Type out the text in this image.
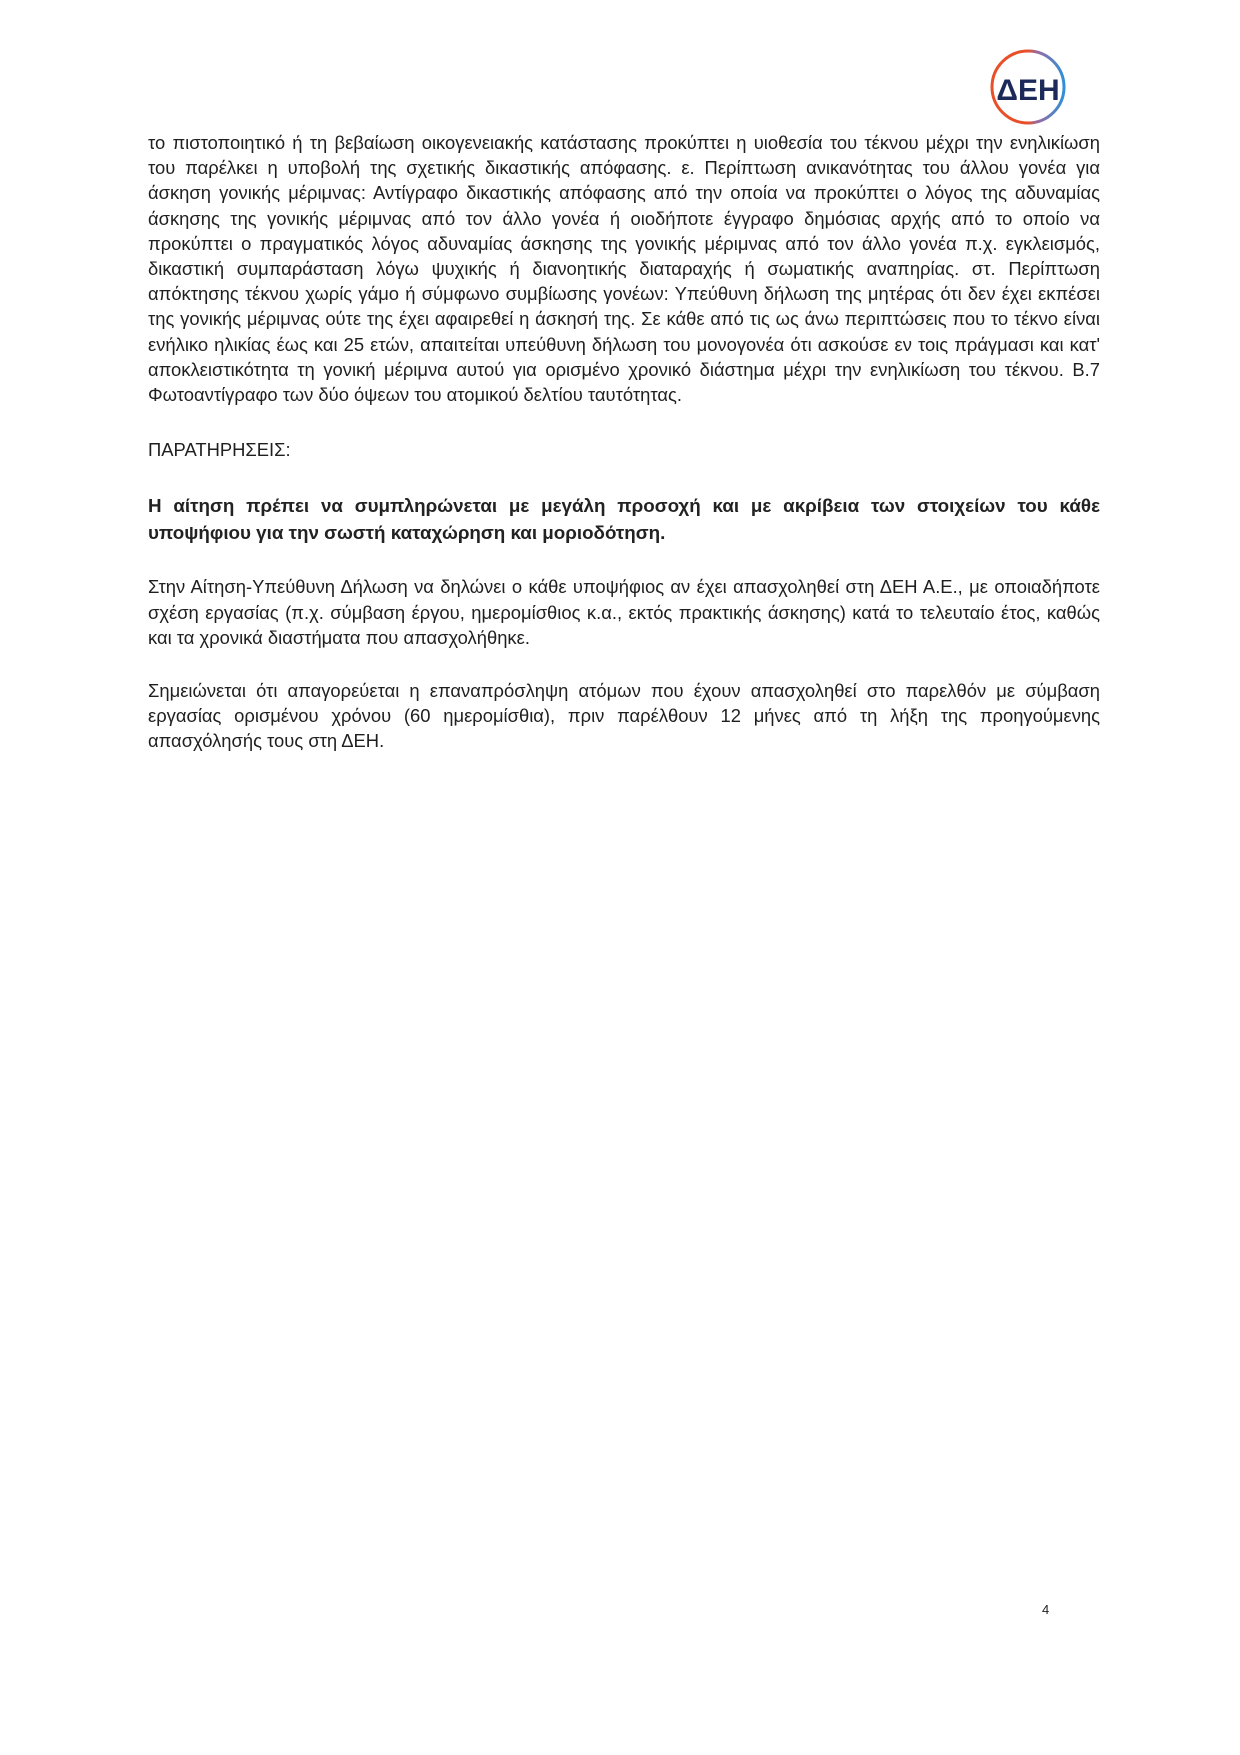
ΔΕΗ

το πιστοποιητικό ή τη βεβαίωση οικογενειακής κατάστασης προκύπτει η υιοθεσία του τέκνου μέχρι την ενηλικίωση του παρέλκει η υποβολή της σχετικής δικαστικής απόφασης. ε. Περίπτωση ανικανότητας του άλλου γονέα για άσκηση γονικής μέριμνας: Αντίγραφο δικαστικής απόφασης από την οποία να προκύπτει ο λόγος της αδυναμίας άσκησης της γονικής μέριμνας από τον άλλο γονέα ή οιοδήποτε έγγραφο δημόσιας αρχής από το οποίο να προκύπτει ο πραγματικός λόγος αδυναμίας άσκησης της γονικής μέριμνας από τον άλλο γονέα π.χ. εγκλεισμός, δικαστική συμπαράσταση λόγω ψυχικής ή διανοητικής διαταραχής ή σωματικής αναπηρίας. στ. Περίπτωση απόκτησης τέκνου χωρίς γάμο ή σύμφωνο συμβίωσης γονέων: Υπεύθυνη δήλωση της μητέρας ότι δεν έχει εκπέσει της γονικής μέριμνας ούτε της έχει αφαιρεθεί η άσκησή της. Σε κάθε από τις ως άνω περιπτώσεις που το τέκνο είναι ενήλικο ηλικίας έως και 25 ετών, απαιτείται υπεύθυνη δήλωση του μονογονέα ότι ασκούσε εν τοις πράγμασι και κατ' αποκλειστικότητα τη γονική μέριμνα αυτού για ορισμένο χρονικό διάστημα μέχρι την ενηλικίωση του τέκνου. Β.7 Φωτοαντίγραφο των δύο όψεων του ατομικού δελτίου ταυτότητας.

ΠΑΡΑΤΗΡΗΣΕΙΣ:

Η αίτηση πρέπει να συμπληρώνεται με μεγάλη προσοχή και με ακρίβεια των στοιχείων του κάθε υποψήφιου για την σωστή καταχώρηση και μοριοδότηση.

Στην Αίτηση-Υπεύθυνη Δήλωση να δηλώνει ο κάθε υποψήφιος αν έχει απασχοληθεί στη ΔΕΗ Α.Ε., με οποιαδήποτε σχέση εργασίας (π.χ. σύμβαση έργου, ημερομίσθιος κ.α., εκτός πρακτικής άσκησης) κατά το τελευταίο έτος, καθώς και τα χρονικά διαστήματα που απασχολήθηκε.

Σημειώνεται ότι απαγορεύεται η επαναπρόσληψη ατόμων που έχουν απασχοληθεί στο παρελθόν με σύμβαση εργασίας ορισμένου χρόνου (60 ημερομίσθια), πριν παρέλθουν 12 μήνες από τη λήξη της προηγούμενης απασχόλησής τους στη ΔΕΗ.

4
